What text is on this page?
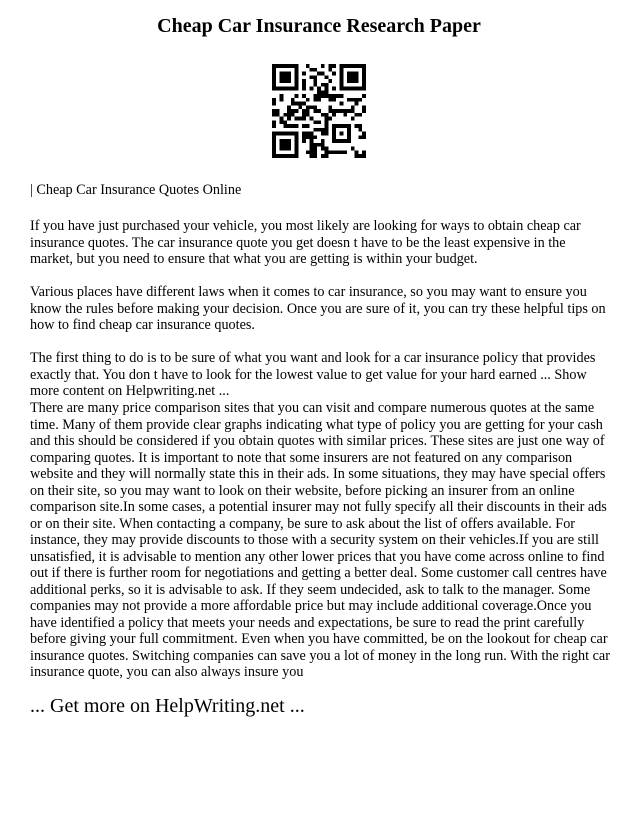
Cheap Car Insurance Research Paper

| Cheap Car Insurance Quotes Online

If you have just purchased your vehicle, you most likely are looking for ways to obtain cheap car insurance quotes. The car insurance quote you get doesn t have to be the least expensive in the market, but you need to ensure that what you are getting is within your budget.

Various places have different laws when it comes to car insurance, so you may want to ensure you know the rules before making your decision. Once you are sure of it, you can try these helpful tips on how to find cheap car insurance quotes.

The first thing to do is to be sure of what you want and look for a car insurance policy that provides exactly that. You don t have to look for the lowest value to get value for your hard earned ... Show more content on Helpwriting.net ...

There are many price comparison sites that you can visit and compare numerous quotes at the same time. Many of them provide clear graphs indicating what type of policy you are getting for your cash and this should be considered if you obtain quotes with similar prices. These sites are just one way of comparing quotes. It is important to note that some insurers are not featured on any comparison website and they will normally state this in their ads. In some situations, they may have special offers on their site, so you may want to look on their website, before picking an insurer from an online comparison site.In some cases, a potential insurer may not fully specify all their discounts in their ads or on their site. When contacting a company, be sure to ask about the list of offers available. For instance, they may provide discounts to those with a security system on their vehicles.If you are still unsatisfied, it is advisable to mention any other lower prices that you have come across online to find out if there is further room for negotiations and getting a better deal. Some customer call centres have additional perks, so it is advisable to ask. If they seem undecided, ask to talk to the manager. Some companies may not provide a more affordable price but may include additional coverage.Once you have identified a policy that meets your needs and expectations, be sure to read the print carefully before giving your full commitment. Even when you have committed, be on the lookout for cheap car insurance quotes. Switching companies can save you a lot of money in the long run. With the right car insurance quote, you can also always insure you

... Get more on HelpWriting.net ...
